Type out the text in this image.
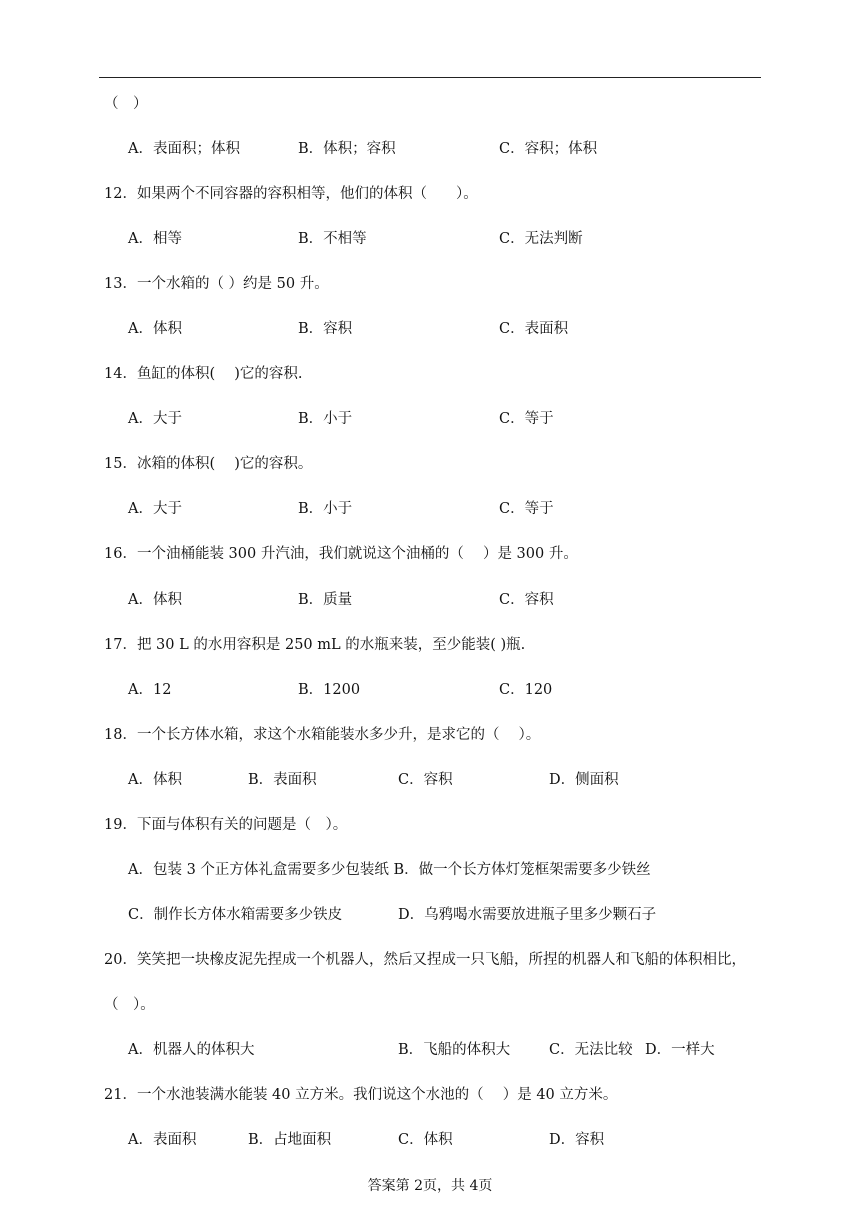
（　）
A．表面积；体积	B．体积；容积	C．容积；体积
12．如果两个不同容器的容积相等，他们的体积（　　）。
A．相等	B．不相等	C．无法判断
13．一个水箱的（ ）约是 50 升。
A．体积	B．容积	C．表面积
14．鱼缸的体积(　 )它的容积.
A．大于	B．小于	C．等于
15．冰箱的体积(　 )它的容积。
A．大于	B．小于	C．等于
16．一个油桶能装 300 升汽油，我们就说这个油桶的（　 ）是 300 升。
A．体积	B．质量	C．容积
17．把 30 L 的水用容积是 250 mL 的水瓶来装，至少能装( )瓶.
A．12	B．1200	C．120
18．一个长方体水箱，求这个水箱能装水多少升，是求它的（　 ）。
A．体积	B．表面积	C．容积	D．侧面积
19．下面与体积有关的问题是（　）。
A．包装 3 个正方体礼盒需要多少包装纸 B．做一个长方体灯笼框架需要多少铁丝
C．制作长方体水箱需要多少铁皮	D．乌鸦喝水需要放进瓶子里多少颗石子
20．笑笑把一块橡皮泥先捏成一个机器人，然后又捏成一只飞船，所捏的机器人和飞船的体积相比，
（　）。
A．机器人的体积大	B．飞船的体积大	C．无法比较 D．一样大
21．一个水池装满水能装 40 立方米。我们说这个水池的（　 ）是 40 立方米。
A．表面积	B．占地面积	C．体积	D．容积
答案第 2页，共 4页
